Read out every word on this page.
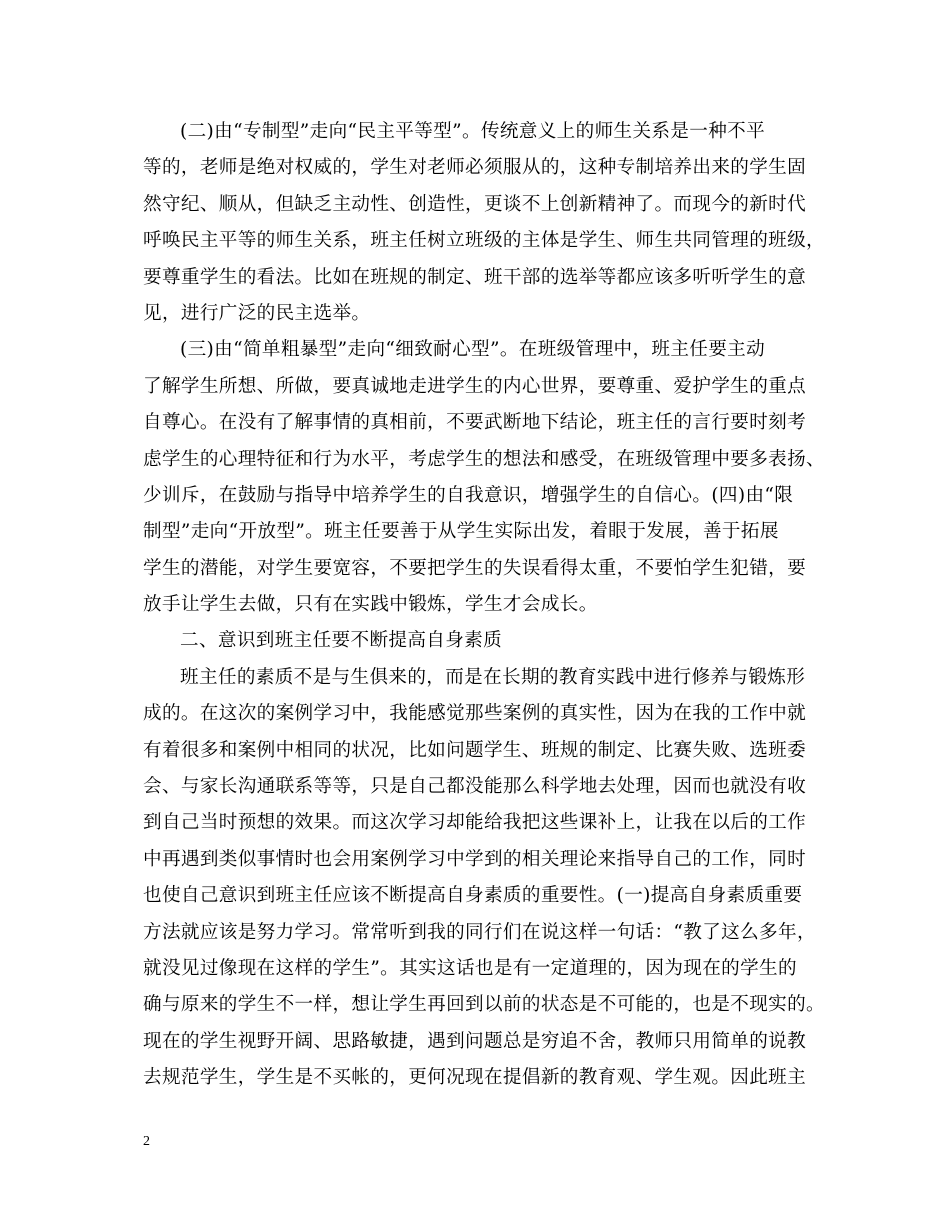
(二)由“专制型”走向“民主平等型”。传统意义上的师生关系是一种不平
等的，老师是绝对权威的，学生对老师必须服从的，这种专制培养出来的学生固
然守纪、顺从，但缺乏主动性、创造性，更谈不上创新精神了。而现今的新时代
呼唤民主平等的师生关系，班主任树立班级的主体是学生、师生共同管理的班级，
要尊重学生的看法。比如在班规的制定、班干部的选举等都应该多听听学生的意
见，进行广泛的民主选举。
(三)由“简单粗暴型”走向“细致耐心型”。在班级管理中，班主任要主动
了解学生所想、所做，要真诚地走进学生的内心世界，要尊重、爱护学生的重点
自尊心。在没有了解事情的真相前，不要武断地下结论，班主任的言行要时刻考
虑学生的心理特征和行为水平，考虑学生的想法和感受，在班级管理中要多表扬、
少训斥，在鼓励与指导中培养学生的自我意识，增强学生的自信心。(四)由“限
制型”走向“开放型”。班主任要善于从学生实际出发，着眼于发展，善于拓展
学生的潜能，对学生要宽容，不要把学生的失误看得太重，不要怕学生犯错，要
放手让学生去做，只有在实践中锻炼，学生才会成长。
二、意识到班主任要不断提高自身素质
班主任的素质不是与生俱来的，而是在长期的教育实践中进行修养与锻炼形
成的。在这次的案例学习中，我能感觉那些案例的真实性，因为在我的工作中就
有着很多和案例中相同的状况，比如问题学生、班规的制定、比赛失败、选班委
会、与家长沟通联系等等，只是自己都没能那么科学地去处理，因而也就没有收
到自己当时预想的效果。而这次学习却能给我把这些课补上，让我在以后的工作
中再遇到类似事情时也会用案例学习中学到的相关理论来指导自己的工作，同时
也使自己意识到班主任应该不断提高自身素质的重要性。(一)提高自身素质重要
方法就应该是努力学习。常常听到我的同行们在说这样一句话：“教了这么多年，
就没见过像现在这样的学生”。其实这话也是有一定道理的，因为现在的学生的
确与原来的学生不一样，想让学生再回到以前的状态是不可能的，也是不现实的。
现在的学生视野开阔、思路敏捷，遇到问题总是穷追不舍，教师只用简单的说教
去规范学生，学生是不买帐的，更何况现在提倡新的教育观、学生观。因此班主
2
